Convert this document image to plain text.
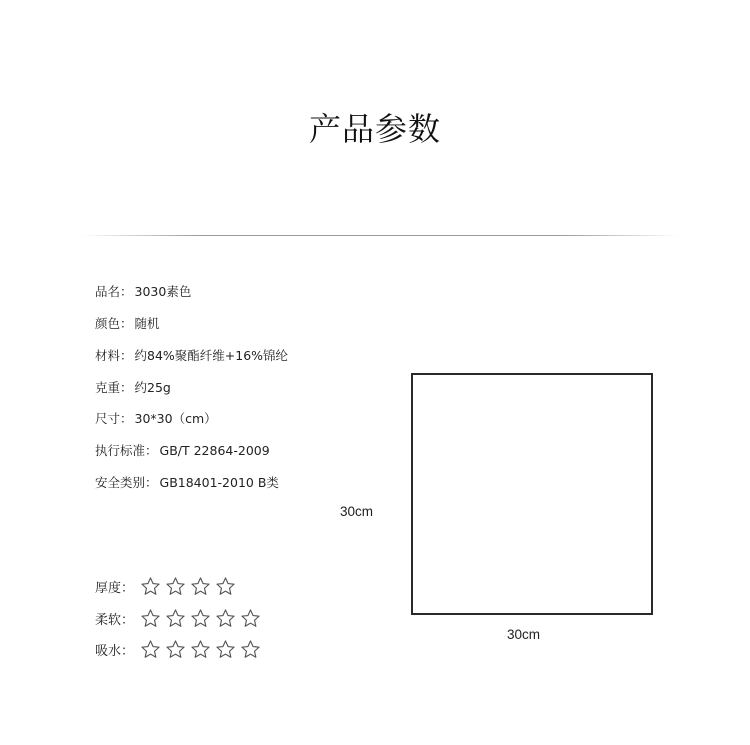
产品参数
品名： 3030素色
颜色： 随机
材料： 约84%聚酯纤维+16%锦纶
克重： 约25g
尺寸： 30*30（cm）
执行标准： GB/T 22864-2009
安全类别： GB18401-2010 B类
厚度：
柔软：
吸水：
30cm
30cm
